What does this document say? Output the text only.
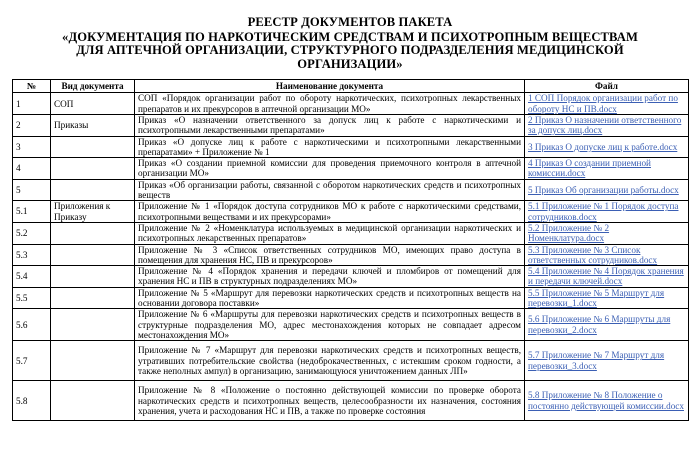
РЕЕСТР ДОКУМЕНТОВ ПАКЕТА
«ДОКУМЕНТАЦИЯ ПО НАРКОТИЧЕСКИМ СРЕДСТВАМ И ПСИХОТРОПНЫМ ВЕЩЕСТВАМ
ДЛЯ АПТЕЧНОЙ ОРГАНИЗАЦИИ, СТРУКТУРНОГО ПОДРАЗДЕЛЕНИЯ МЕДИЦИНСКОЙ
ОРГАНИЗАЦИИ»
№	Вид документа	Наименование документа	Файл
1	СОП	СОП «Порядок организации работ по обороту наркотических, психотропных лекарственных препаратов и их прекурсоров в аптечной организации МО»	1 СОП Порядок организации работ по обороту НС и ПВ.docx
2	Приказы	Приказ «О назначении ответственного за допуск лиц к работе с наркотическими и психотропными лекарственными препаратами»	2 Приказ О назначении ответственного за допуск лиц.docx
3		Приказ «О допуске лиц к работе с наркотическими и психотропными лекарственными препаратами» + Приложение № 1	3 Приказ О допуске лиц к работе.docx
4		Приказ «О создании приемной комиссии для проведения приемочного контроля в аптечной организации МО»	4 Приказ О создании приемной комиссии.docx
5		Приказ «Об организации работы, связанной с оборотом наркотических средств и психотропных веществ	5 Приказ Об организации работы.docx
5.1	Приложения к Приказу	Приложение № 1 «Порядок доступа сотрудников МО к работе с наркотическими средствами, психотропными веществами и их прекурсорами»	5.1 Приложение № 1 Порядок доступа сотрудников.docx
5.2		Приложение № 2 «Номенклатура используемых в медицинской организации наркотических и психотропных лекарственных препаратов»	5.2 Приложение № 2 Номенклатура.docx
5.3		Приложение № 3 «Список ответственных сотрудников МО, имеющих право доступа в помещения для хранения НС, ПВ и прекурсоров»	5.3 Приложение № 3 Список ответственных сотрудников.docx
5.4		Приложение № 4 «Порядок хранения и передачи ключей и пломбиров от помещений для хранения НС и ПВ в структурных подразделениях МО»	5.4 Приложение № 4 Порядок хранения и передачи ключей.docx
5.5		Приложение № 5 «Маршрут для перевозки наркотических средств и психотропных веществ на основании договора поставки»	5.5 Приложение № 5 Маршрут для перевозки_1.docx
5.6		Приложение № 6 «Маршруты для перевозки наркотических средств и психотропных веществ в структурные подразделения МО, адрес местонахождения которых не совпадает адресом местонахождения МО»	5.6 Приложение № 6 Маршруты для перевозки_2.docx
5.7		Приложение № 7 «Маршрут для перевозки наркотических средств и психотропных веществ, утративших потребительские свойства (недоброкачественных, с истекшим сроком годности, а также неполных ампул) в организацию, занимающуюся уничтожением данных ЛП»	5.7 Приложение № 7 Маршрут для перевозки_3.docx
5.8		Приложение № 8 «Положение о постоянно действующей комиссии по проверке оборота наркотических средств и психотропных веществ, целесообразности их назначения, состояния хранения, учета и расходования НС и ПВ, а также по проверке состояния	5.8 Приложение № 8 Положение о постоянно действующей комиссии.docx
